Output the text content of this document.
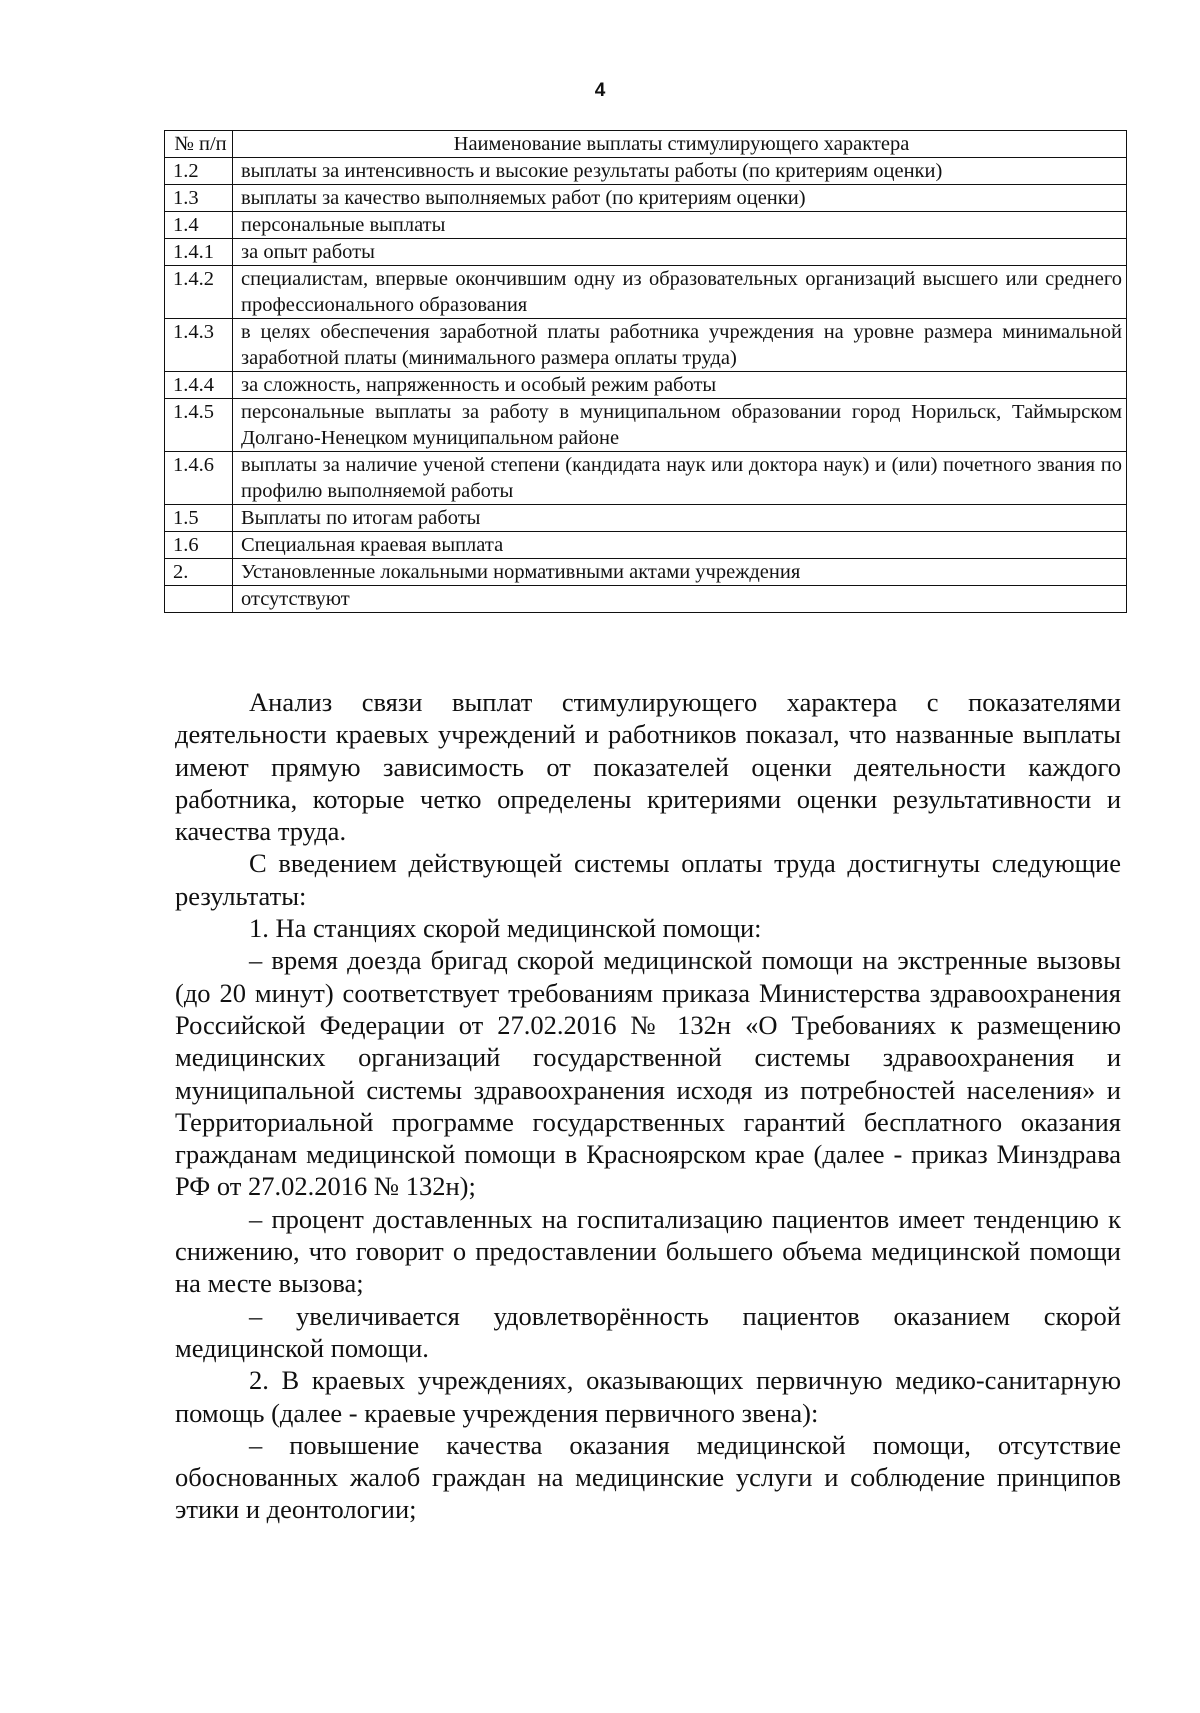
4
№ п/п	Наименование выплаты стимулирующего характера
1.2	выплаты за интенсивность и высокие результаты работы (по критериям оценки)
1.3	выплаты за качество выполняемых работ (по критериям оценки)
1.4	персональные выплаты
1.4.1	за опыт работы
1.4.2	специалистам, впервые окончившим одну из образовательных организаций высшего или среднего профессионального образования
1.4.3	в целях обеспечения заработной платы работника учреждения на уровне размера минимальной заработной платы (минимального размера оплаты труда)
1.4.4	за сложность, напряженность и особый режим работы
1.4.5	персональные выплаты за работу в муниципальном образовании город Норильск, Таймырском Долгано-Ненецком муниципальном районе
1.4.6	выплаты за наличие ученой степени (кандидата наук или доктора наук) и (или) почетного звания по профилю выполняемой работы
1.5	Выплаты по итогам работы
1.6	Специальная краевая выплата
2.	Установленные локальными нормативными актами учреждения
	отсутствуют

Анализ связи выплат стимулирующего характера с показателями деятельности краевых учреждений и работников показал, что названные выплаты имеют прямую зависимость от показателей оценки деятельности каждого работника, которые четко определены критериями оценки результативности и качества труда.

С введением действующей системы оплаты труда достигнуты следующие результаты:

1. На станциях скорой медицинской помощи:

– время доезда бригад скорой медицинской помощи на экстренные вызовы (до 20 минут) соответствует требованиям приказа Министерства здравоохранения Российской Федерации от 27.02.2016 № 132н «О Требованиях к размещению медицинских организаций государственной системы здравоохранения и муниципальной системы здравоохранения исходя из потребностей населения» и Территориальной программе государственных гарантий бесплатного оказания гражданам медицинской помощи в Красноярском крае (далее - приказ Минздрава РФ от 27.02.2016 № 132н);

– процент доставленных на госпитализацию пациентов имеет тенденцию к снижению, что говорит о предоставлении большего объема медицинской помощи на месте вызова;

– увеличивается удовлетворённость пациентов оказанием скорой медицинской помощи.

2. В краевых учреждениях, оказывающих первичную медико-санитарную помощь (далее - краевые учреждения первичного звена):

– повышение качества оказания медицинской помощи, отсутствие обоснованных жалоб граждан на медицинские услуги и соблюдение принципов этики и деонтологии;
